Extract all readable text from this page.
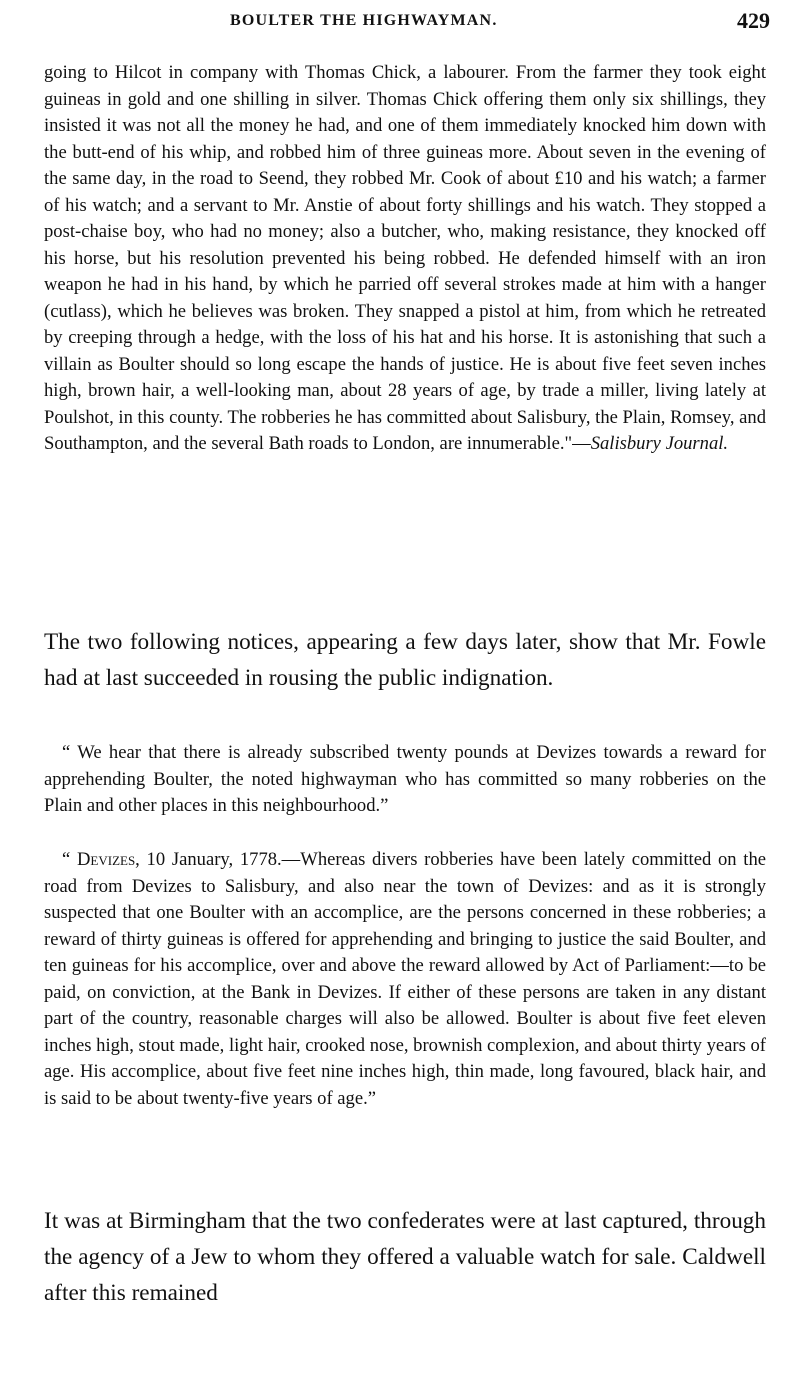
BOULTER THE HIGHWAYMAN.	429

going to Hilcot in company with Thomas Chick, a labourer. From the farmer they took eight guineas in gold and one shilling in silver. Thomas Chick offering them only six shillings, they insisted it was not all the money he had, and one of them immediately knocked him down with the butt-end of his whip, and robbed him of three guineas more. About seven in the evening of the same day, in the road to Seend, they robbed Mr. Cook of about £10 and his watch; a farmer of his watch; and a servant to Mr. Anstie of about forty shillings and his watch. They stopped a post-chaise boy, who had no money; also a butcher, who, making resistance, they knocked off his horse, but his resolution prevented his being robbed. He defended himself with an iron weapon he had in his hand, by which he parried off several strokes made at him with a hanger (cutlass), which he believes was broken. They snapped a pistol at him, from which he retreated by creeping through a hedge, with the loss of his hat and his horse. It is astonishing that such a villain as Boulter should so long escape the hands of justice. He is about five feet seven inches high, brown hair, a well-looking man, about 28 years of age, by trade a miller, living lately at Poulshot, in this county. The robberies he has committed about Salisbury, the Plain, Romsey, and Southampton, and the several Bath roads to London, are innumerable."—Salisbury Journal.

The two following notices, appearing a few days later, show that Mr. Fowle had at last succeeded in rousing the public indignation.

“ We hear that there is already subscribed twenty pounds at Devizes towards a reward for apprehending Boulter, the noted highwayman who has committed so many robberies on the Plain and other places in this neighbourhood.”

“ Devizes, 10 January, 1778.—Whereas divers robberies have been lately committed on the road from Devizes to Salisbury, and also near the town of Devizes: and as it is strongly suspected that one Boulter with an accomplice, are the persons concerned in these robberies; a reward of thirty guineas is offered for apprehending and bringing to justice the said Boulter, and ten guineas for his accomplice, over and above the reward allowed by Act of Parliament:—to be paid, on conviction, at the Bank in Devizes. If either of these persons are taken in any distant part of the country, reasonable charges will also be allowed. Boulter is about five feet eleven inches high, stout made, light hair, crooked nose, brownish complexion, and about thirty years of age. His accomplice, about five feet nine inches high, thin made, long favoured, black hair, and is said to be about twenty-five years of age.”

It was at Birmingham that the two confederates were at last captured, through the agency of a Jew to whom they offered a valuable watch for sale. Caldwell after this remained
